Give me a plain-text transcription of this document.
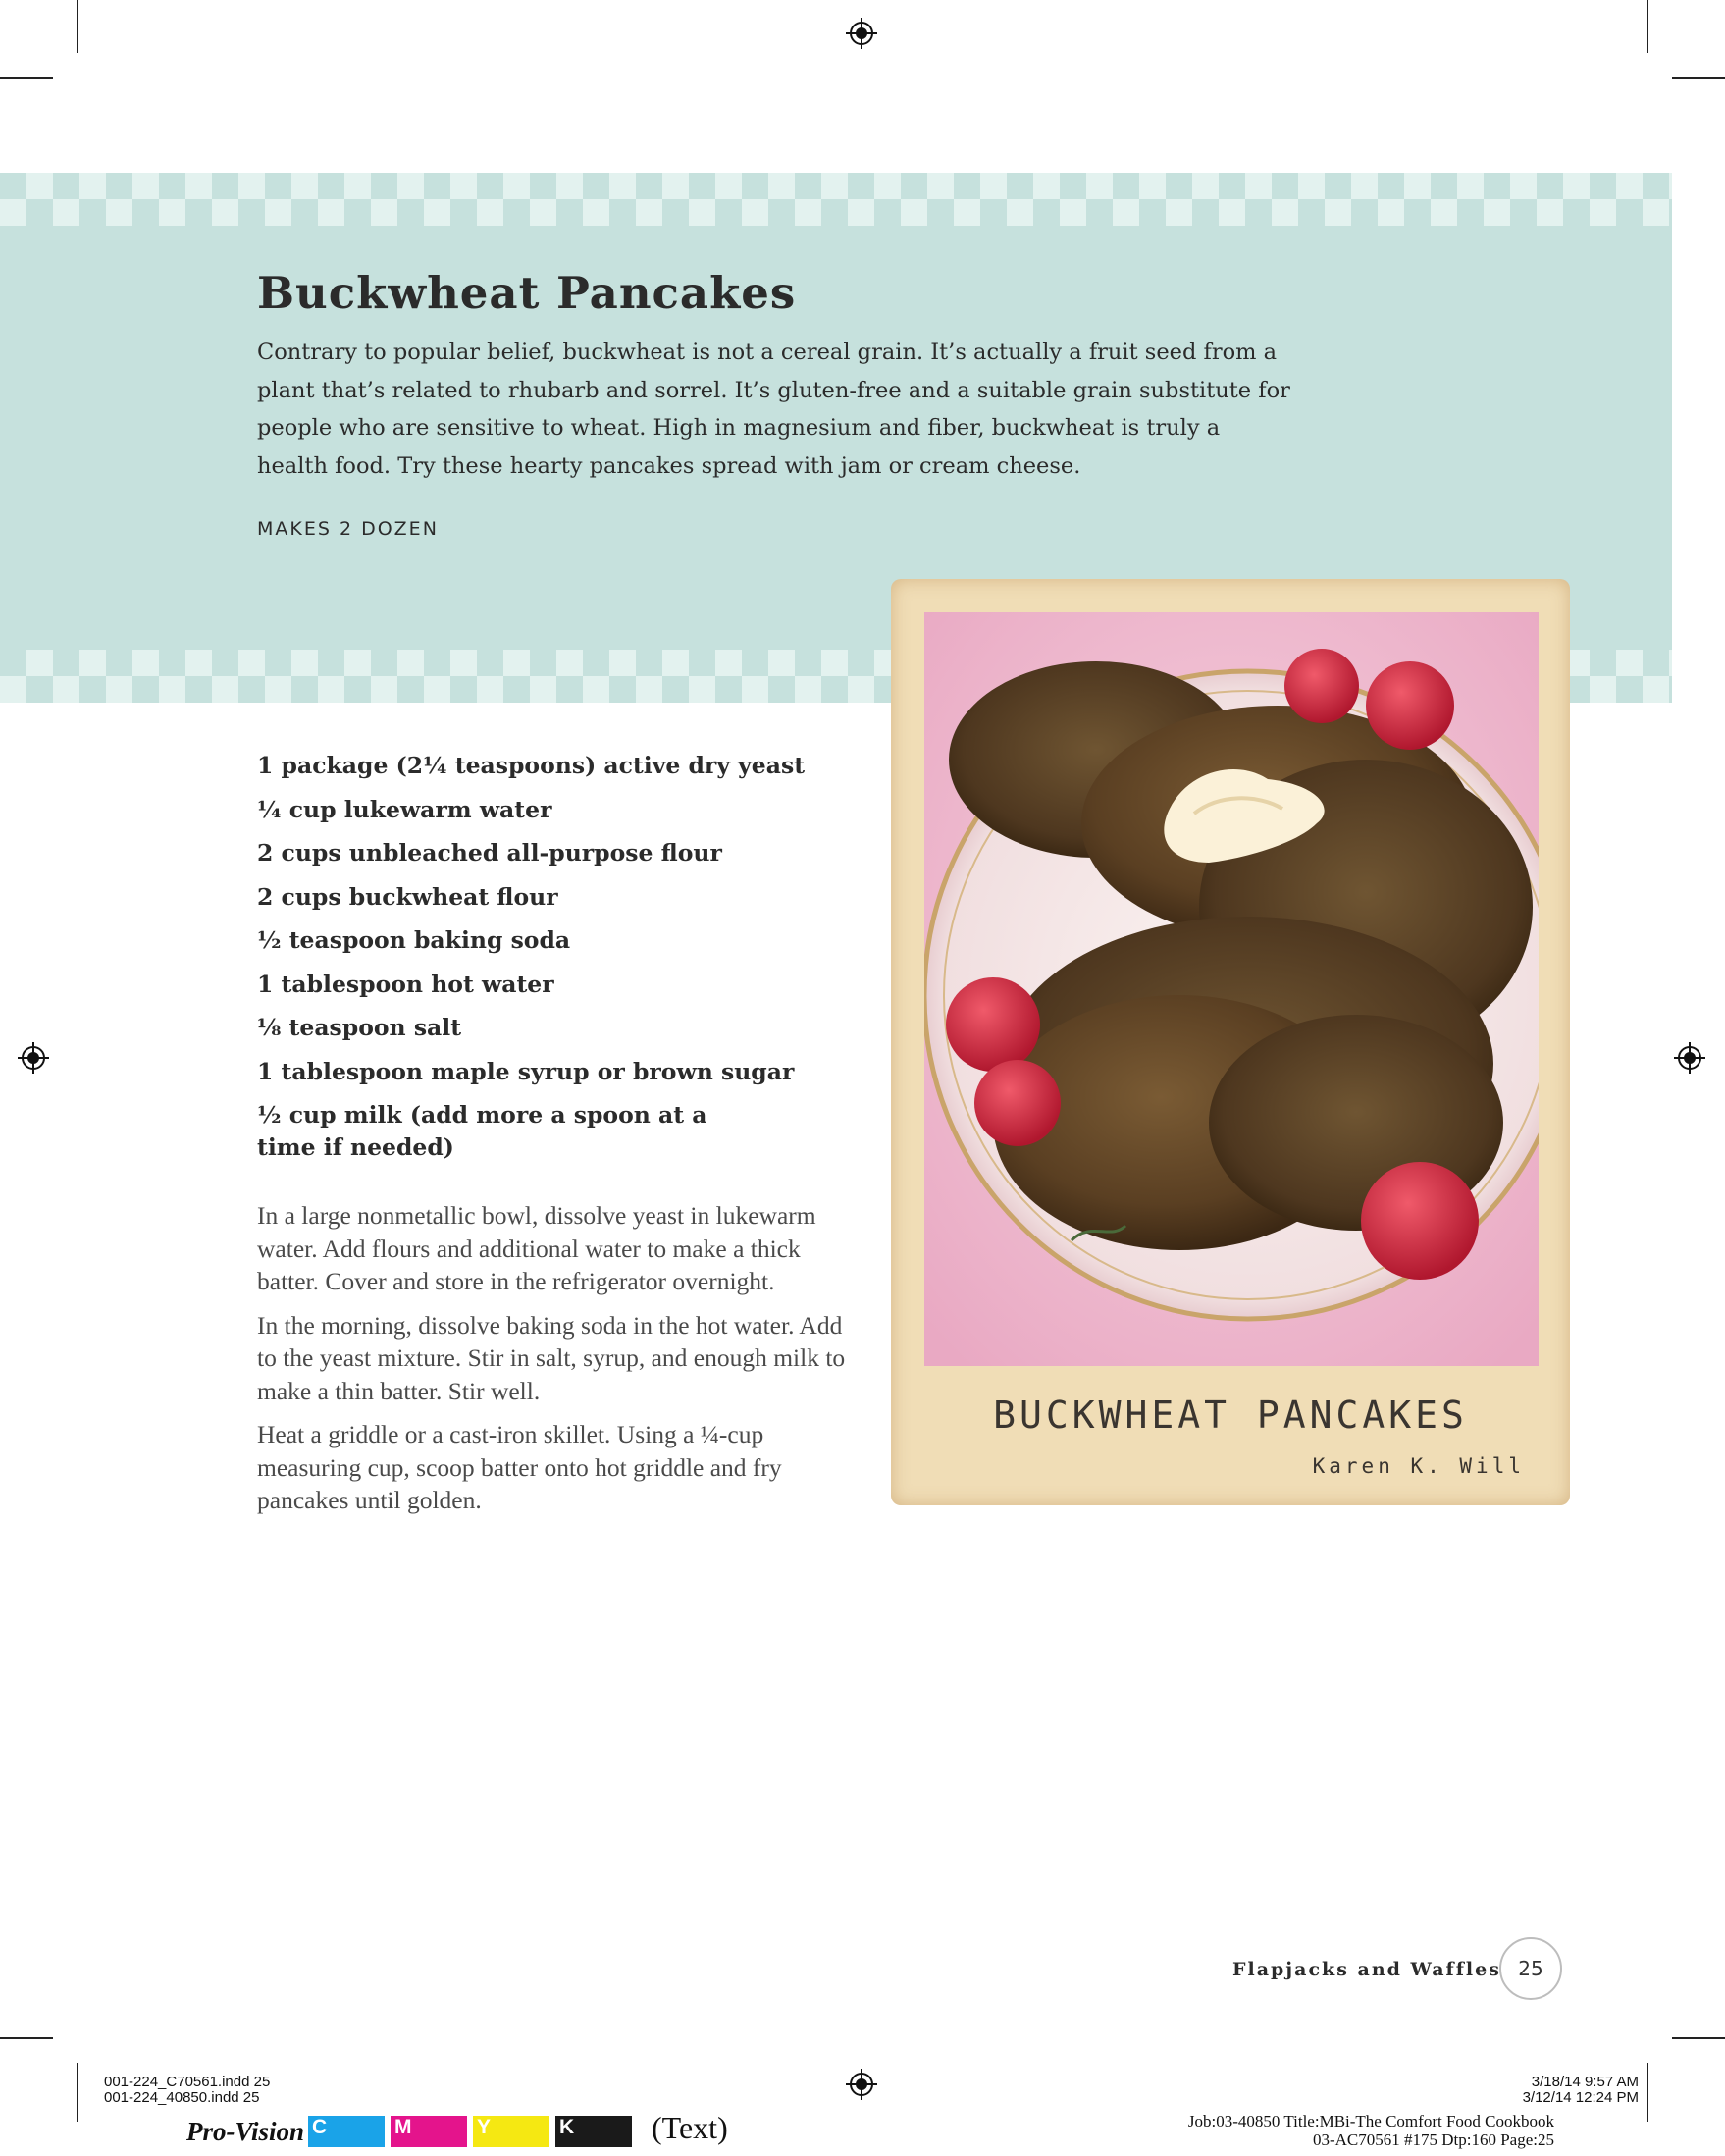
Buckwheat Pancakes
Contrary to popular belief, buckwheat is not a cereal grain. It’s actually a fruit seed from a plant that’s related to rhubarb and sorrel. It’s gluten-free and a suitable grain substitute for people who are sensitive to wheat. High in magnesium and fiber, buckwheat is truly a health food. Try these hearty pancakes spread with jam or cream cheese.
MAKES 2 DOZEN
1 package (2¼ teaspoons) active dry yeast
¼ cup lukewarm water
2 cups unbleached all-purpose flour
2 cups buckwheat flour
½ teaspoon baking soda
1 tablespoon hot water
⅛ teaspoon salt
1 tablespoon maple syrup or brown sugar
½ cup milk (add more a spoon at a time if needed)

In a large nonmetallic bowl, dissolve yeast in lukewarm water. Add flours and additional water to make a thick batter. Cover and store in the refrigerator overnight.

In the morning, dissolve baking soda in the hot water. Add to the yeast mixture. Stir in salt, syrup, and enough milk to make a thin batter. Stir well.

Heat a griddle or a cast-iron skillet. Using a ¼-cup measuring cup, scoop batter onto hot griddle and fry pancakes until golden.

BUCKWHEAT PANCAKES
Karen K. Will
Flapjacks and Waffles 25
001-224_C70561.indd 25
001-224_40850.indd 25
3/18/14 9:57 AM
3/12/14 12:24 PM
Job:03-40850 Title:MBi-The Comfort Food Cookbook
03-AC70561 #175 Dtp:160 Page:25
Pro-Vision C	M	Y	K	(Text)
